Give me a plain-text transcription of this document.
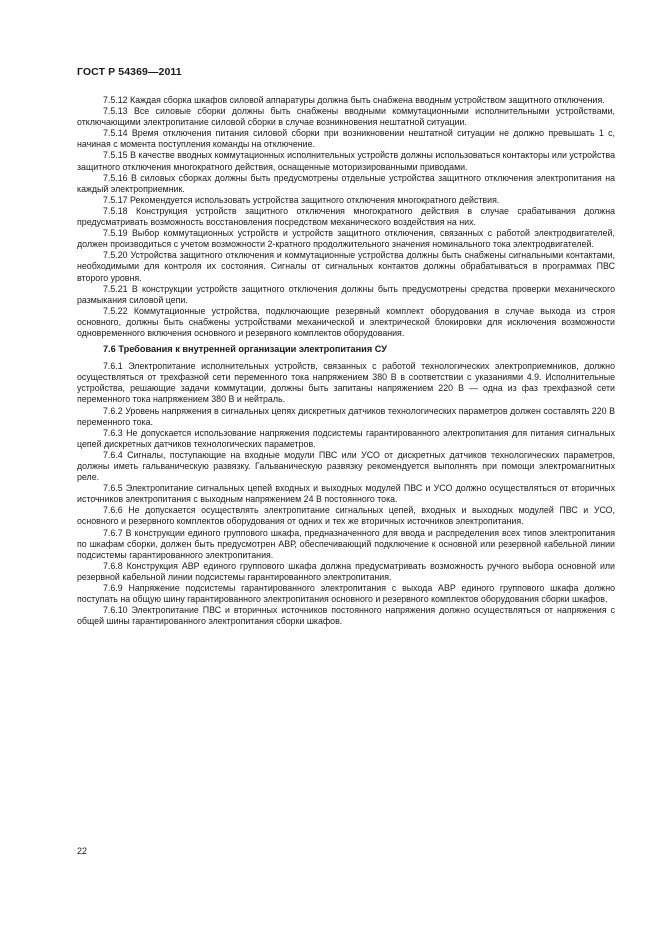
ГОСТ Р 54369—2011

7.5.12 Каждая сборка шкафов силовой аппаратуры должна быть снабжена вводным устройством защитного отключения.

7.5.13 Все силовые сборки должны быть снабжены вводными коммутационными исполнительными устройствами, отключающими электропитание силовой сборки в случае возникновения нештатной ситуации.

7.5.14 Время отключения питания силовой сборки при возникновении нештатной ситуации не должно превышать 1 с, начиная с момента поступления команды на отключение.

7.5.15 В качестве вводных коммутационных исполнительных устройств должны использоваться контакторы или устройства защитного отключения многократного действия, оснащенные моторизированными приводами.

7.5.16 В силовых сборках должны быть предусмотрены отдельные устройства защитного отключения электропитания на каждый электроприемник.

7.5.17 Рекомендуется использовать устройства защитного отключения многократного действия.

7.5.18 Конструкция устройств защитного отключения многократного действия в случае срабатывания должна предусматривать возможность восстановления посредством механического воздействия на них.

7.5.19 Выбор коммутационных устройств и устройств защитного отключения, связанных с работой электродвигателей, должен производиться с учетом возможности 2-кратного продолжительного значения номинального тока электродвигателей.

7.5.20 Устройства защитного отключения и коммутационные устройства должны быть снабжены сигнальными контактами, необходимыми для контроля их состояния. Сигналы от сигнальных контактов должны обрабатываться в программах ПВС второго уровня.

7.5.21 В конструкции устройств защитного отключения должны быть предусмотрены средства проверки механического размыкания силовой цепи.

7.5.22 Коммутационные устройства, подключающие резервный комплект оборудования в случае выхода из строя основного, должны быть снабжены устройствами механической и электрической блокировки для исключения возможности одновременного включения основного и резервного комплектов оборудования.

7.6 Требования к внутренней организации электропитания СУ

7.6.1 Электропитание исполнительных устройств, связанных с работой технологических электроприемников, должно осуществляться от трехфазной сети переменного тока напряжением 380 В в соответствии с указаниями 4.9. Исполнительные устройства, решающие задачи коммутации, должны быть запитаны напряжением 220 В — одна из фаз трехфазной сети переменного тока напряжением 380 В и нейтраль.

7.6.2 Уровень напряжения в сигнальных цепях дискретных датчиков технологических параметров должен составлять 220 В переменного тока.

7.6.3 Не допускается использование напряжения подсистемы гарантированного электропитания для питания сигнальных цепей дискретных датчиков технологических параметров.

7.6.4 Сигналы, поступающие на входные модули ПВС или УСО от дискретных датчиков технологических параметров, должны иметь гальваническую развязку. Гальваническую развязку рекомендуется выполнять при помощи электромагнитных реле.

7.6.5 Электропитание сигнальных цепей входных и выходных модулей ПВС и УСО должно осуществляться от вторичных источников электропитания с выходным напряжением 24 В постоянного тока.

7.6.6 Не допускается осуществлять электропитание сигнальных цепей, входных и выходных модулей ПВС и УСО, основного и резервного комплектов оборудования от одних и тех же вторичных источников электропитания.

7.6.7 В конструкции единого группового шкафа, предназначенного для ввода и распределения всех типов электропитания по шкафам сборки, должен быть предусмотрен АВР, обеспечивающий подключение к основной или резервной кабельной линии подсистемы гарантированного электропитания.

7.6.8 Конструкция АВР единого группового шкафа должна предусматривать возможность ручного выбора основной или резервной кабельной линии подсистемы гарантированного электропитания.

7.6.9 Напряжение подсистемы гарантированного электропитания с выхода АВР единого группового шкафа должно поступать на общую шину гарантированного электропитания основного и резервного комплектов оборудования сборки шкафов.

7.6.10 Электропитание ПВС и вторичных источников постоянного напряжения должно осуществляться от напряжения с общей шины гарантированного электропитания сборки шкафов.

22
